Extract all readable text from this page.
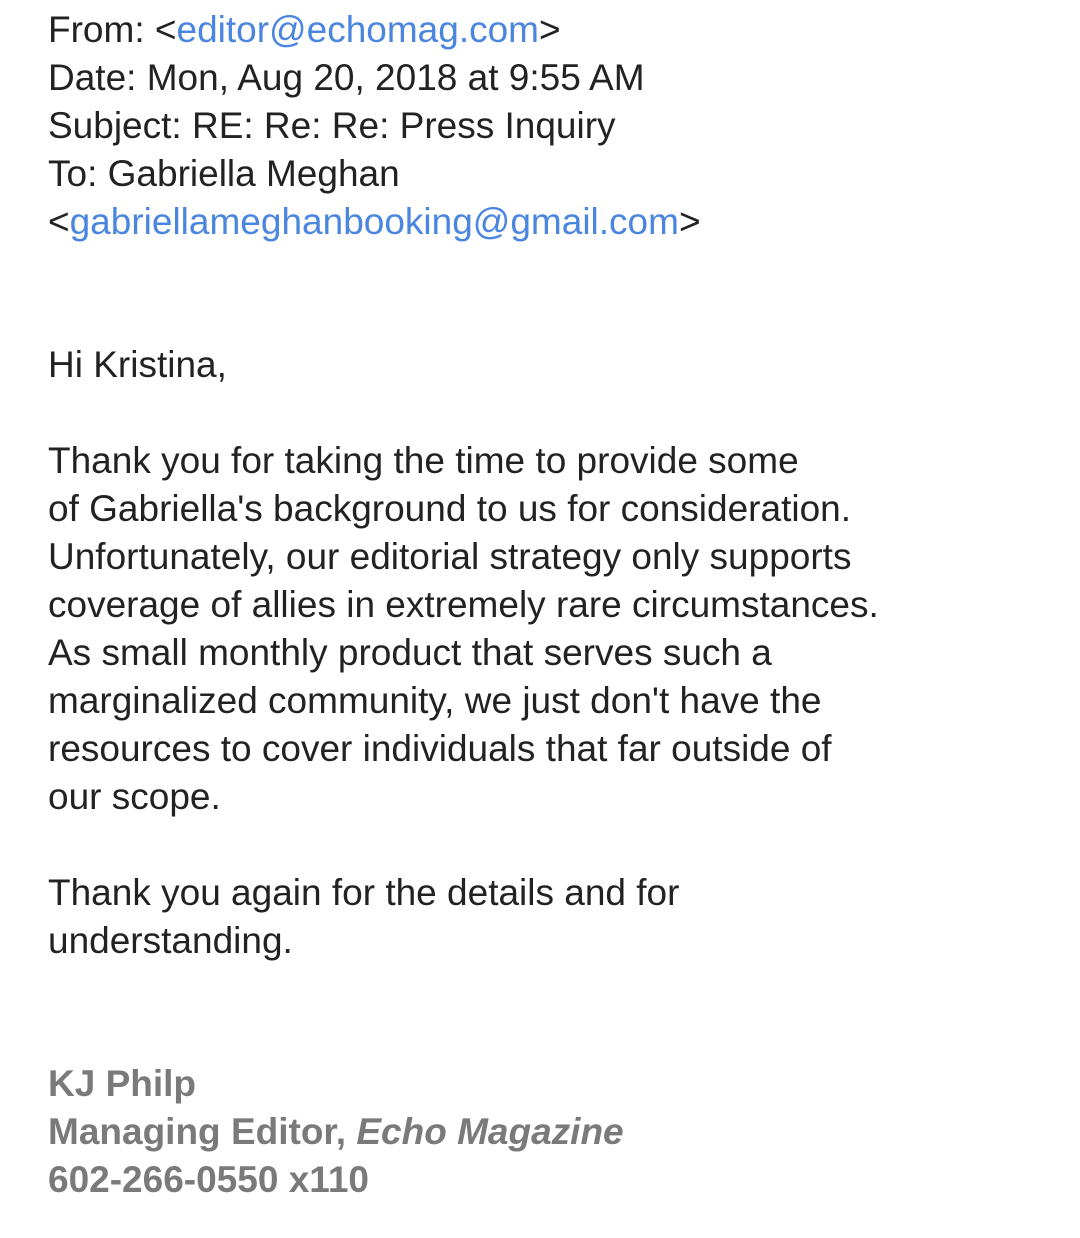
From: <editor@echomag.com>
Date: Mon, Aug 20, 2018 at 9:55 AM
Subject: RE: Re: Re: Press Inquiry
To: Gabriella Meghan
<gabriellameghanbooking@gmail.com>
Hi Kristina,
Thank you for taking the time to provide some
of Gabriella's background to us for consideration.
Unfortunately, our editorial strategy only supports
coverage of allies in extremely rare circumstances.
As small monthly product that serves such a
marginalized community, we just don't have the
resources to cover individuals that far outside of
our scope.
Thank you again for the details and for
understanding.
KJ Philp
Managing Editor, Echo Magazine
602-266-0550 x110
